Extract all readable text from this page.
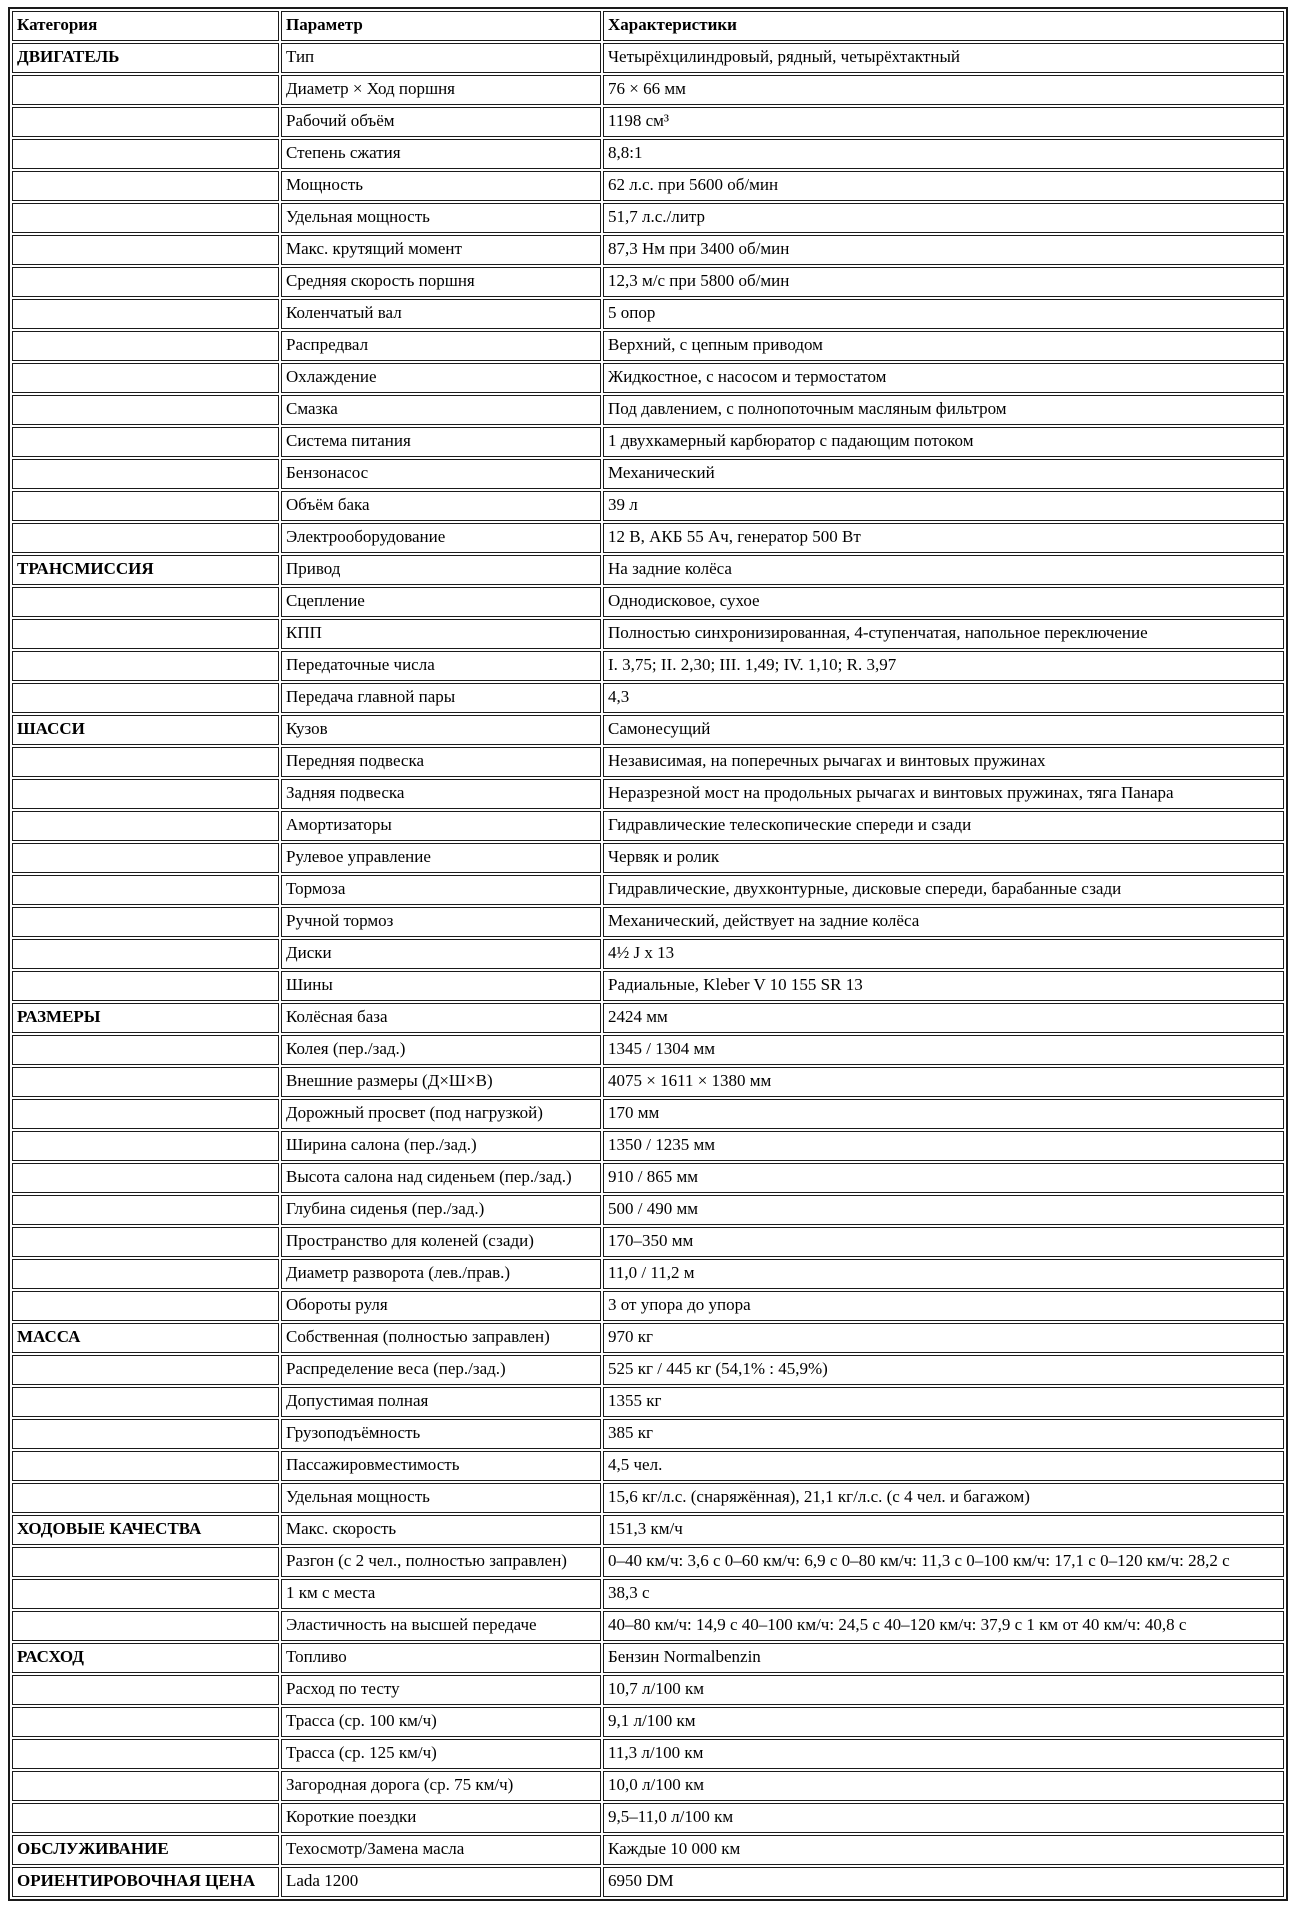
Категория	Параметр	Характеристики
ДВИГАТЕЛЬ	Тип	Четырёхцилиндровый, рядный, четырёхтактный
	Диаметр × Ход поршня	76 × 66 мм
	Рабочий объём	1198 см³
	Степень сжатия	8,8:1
	Мощность	62 л.с. при 5600 об/мин
	Удельная мощность	51,7 л.с./литр
	Макс. крутящий момент	87,3 Нм при 3400 об/мин
	Средняя скорость поршня	12,3 м/с при 5800 об/мин
	Коленчатый вал	5 опор
	Распредвал	Верхний, с цепным приводом
	Охлаждение	Жидкостное, с насосом и термостатом
	Смазка	Под давлением, с полнопоточным масляным фильтром
	Система питания	1 двухкамерный карбюратор с падающим потоком
	Бензонасос	Механический
	Объём бака	39 л
	Электрооборудование	12 В, АКБ 55 Ач, генератор 500 Вт
ТРАНСМИССИЯ	Привод	На задние колёса
	Сцепление	Однодисковое, сухое
	КПП	Полностью синхронизированная, 4-ступенчатая, напольное переключение
	Передаточные числа	I. 3,75; II. 2,30; III. 1,49; IV. 1,10; R. 3,97
	Передача главной пары	4,3
ШАССИ	Кузов	Самонесущий
	Передняя подвеска	Независимая, на поперечных рычагах и винтовых пружинах
	Задняя подвеска	Неразрезной мост на продольных рычагах и винтовых пружинах, тяга Панара
	Амортизаторы	Гидравлические телескопические спереди и сзади
	Рулевое управление	Червяк и ролик
	Тормоза	Гидравлические, двухконтурные, дисковые спереди, барабанные сзади
	Ручной тормоз	Механический, действует на задние колёса
	Диски	4½ J x 13
	Шины	Радиальные, Kleber V 10 155 SR 13
РАЗМЕРЫ	Колёсная база	2424 мм
	Колея (пер./зад.)	1345 / 1304 мм
	Внешние размеры (Д×Ш×В)	4075 × 1611 × 1380 мм
	Дорожный просвет (под нагрузкой)	170 мм
	Ширина салона (пер./зад.)	1350 / 1235 мм
	Высота салона над сиденьем (пер./зад.)	910 / 865 мм
	Глубина сиденья (пер./зад.)	500 / 490 мм
	Пространство для коленей (сзади)	170–350 мм
	Диаметр разворота (лев./прав.)	11,0 / 11,2 м
	Обороты руля	3 от упора до упора
МАССА	Собственная (полностью заправлен)	970 кг
	Распределение веса (пер./зад.)	525 кг / 445 кг (54,1% : 45,9%)
	Допустимая полная	1355 кг
	Грузоподъёмность	385 кг
	Пассажировместимость	4,5 чел.
	Удельная мощность	15,6 кг/л.с. (снаряжённая), 21,1 кг/л.с. (с 4 чел. и багажом)
ХОДОВЫЕ КАЧЕСТВА	Макс. скорость	151,3 км/ч
	Разгон (с 2 чел., полностью заправлен)	0–40 км/ч: 3,6 с 0–60 км/ч: 6,9 с 0–80 км/ч: 11,3 с 0–100 км/ч: 17,1 с 0–120 км/ч: 28,2 с
	1 км с места	38,3 с
	Эластичность на высшей передаче	40–80 км/ч: 14,9 с 40–100 км/ч: 24,5 с 40–120 км/ч: 37,9 с 1 км от 40 км/ч: 40,8 с
РАСХОД	Топливо	Бензин Normalbenzin
	Расход по тесту	10,7 л/100 км
	Трасса (ср. 100 км/ч)	9,1 л/100 км
	Трасса (ср. 125 км/ч)	11,3 л/100 км
	Загородная дорога (ср. 75 км/ч)	10,0 л/100 км
	Короткие поездки	9,5–11,0 л/100 км
ОБСЛУЖИВАНИЕ	Техосмотр/Замена масла	Каждые 10 000 км
ОРИЕНТИРОВОЧНАЯ ЦЕНА	Lada 1200	6950 DM
